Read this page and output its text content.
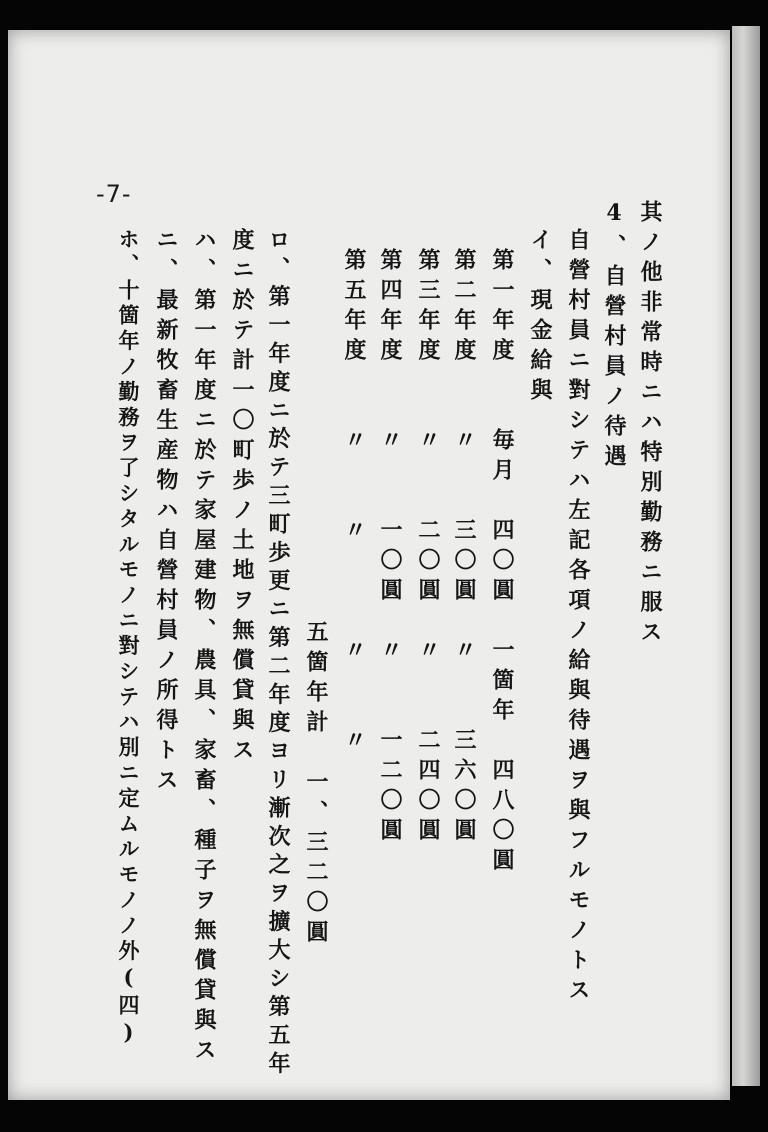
-7-
其ノ他非常時ニハ特別勤務ニ服ス
4、自營村員ノ待遇
自營村員ニ對シテハ左記各項ノ給與待遇ヲ與フルモノトス
イ、現金給與
第一年度　　毎月　四〇圓　一箇年　四八〇圓
第二年度　　〃　　三〇圓　〃　　三六〇圓
第三年度　　〃　　二〇圓　〃　　二四〇圓
第四年度　　〃　　一〇圓　〃　　一二〇圓
第五年度　　〃　　〃　　　〃　　〃
五箇年計　一、三二〇圓
ロ、第一年度ニ於テ三町歩更ニ第二年度ヨリ漸次之ヲ擴大シ第五年
度ニ於テ計一〇町歩ノ土地ヲ無償貸與ス
ハ、第一年度ニ於テ家屋建物、農具、家畜、種子ヲ無償貸與ス
ニ、最新牧畜生産物ハ自營村員ノ所得トス
ホ、十箇年ノ勤務ヲ了シタルモノニ對シテハ別ニ定ムルモノノ外(四)
